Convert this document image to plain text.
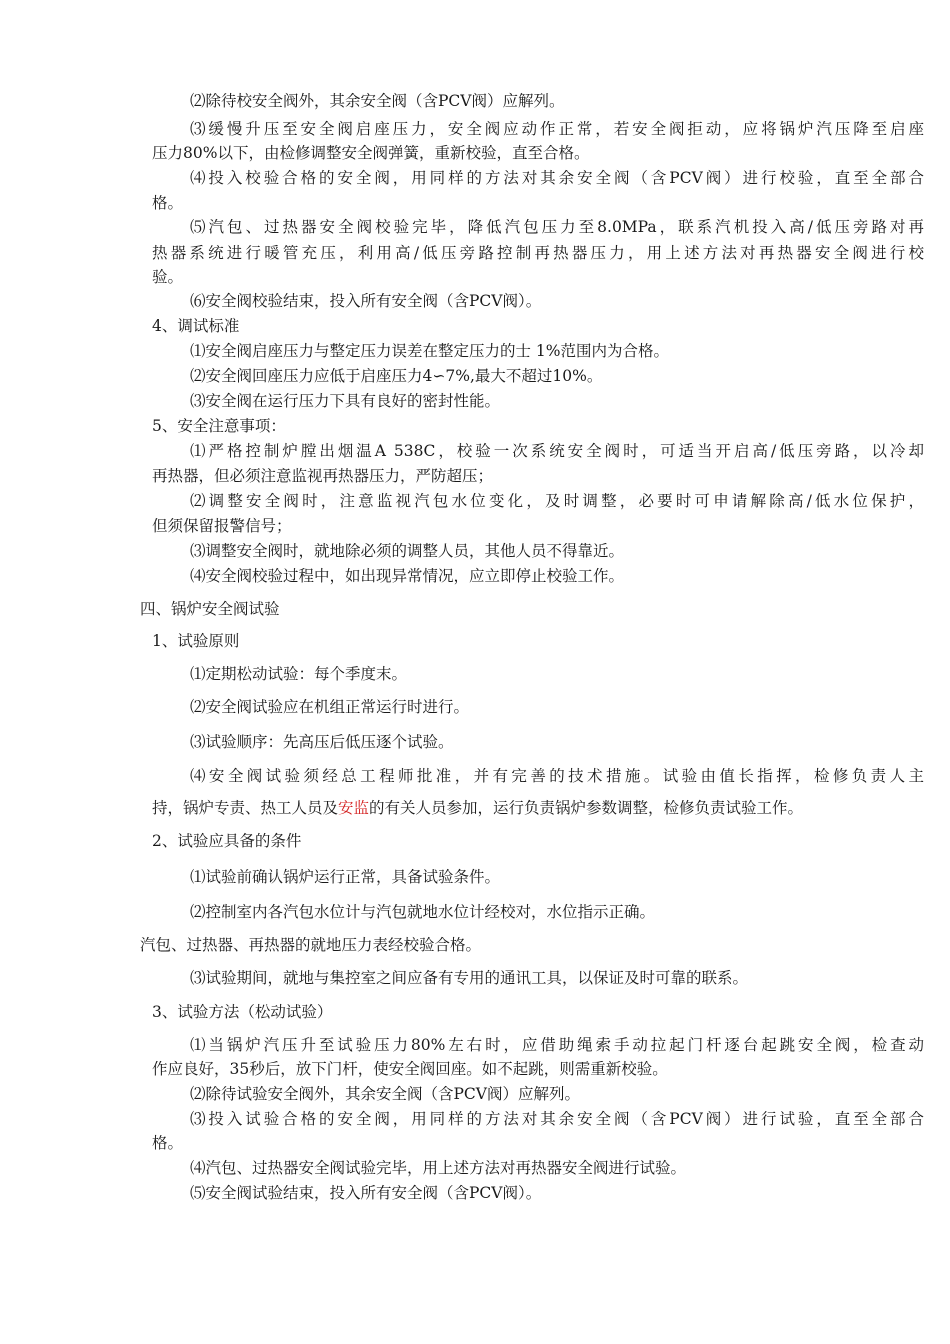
⑵除待校安全阀外，其余安全阀（含PCV阀）应解列。
⑶缓慢升压至安全阀启座压力，安全阀应动作正常，若安全阀拒动，应将锅炉汽压降至启座
压力80%以下，由检修调整安全阀弹簧，重新校验，直至合格。
⑷投入校验合格的安全阀，用同样的方法对其余安全阀（含PCV阀）进行校验，直至全部合
格。
⑸汽包、过热器安全阀校验完毕，降低汽包压力至8.0MPa，联系汽机投入高/低压旁路对再
热器系统进行暖管充压，利用高/低压旁路控制再热器压力，用上述方法对再热器安全阀进行校
验。
⑹安全阀校验结束，投入所有安全阀（含PCV阀）。
4、调试标准
⑴安全阀启座压力与整定压力误差在整定压力的士 1%范围内为合格。
⑵安全阀回座压力应低于启座压力4∽7%,最大不超过10%。
⑶安全阀在运行压力下具有良好的密封性能。
5、安全注意事项：
⑴严格控制炉膛出烟温A 538C，校验一次系统安全阀时，可适当开启高/低压旁路，以冷却
再热器，但必须注意监视再热器压力，严防超压；
⑵调整安全阀时，注意监视汽包水位变化，及时调整，必要时可申请解除高/低水位保护，
但须保留报警信号；
⑶调整安全阀时，就地除必须的调整人员，其他人员不得靠近。
⑷安全阀校验过程中，如出现异常情况，应立即停止校验工作。
四、锅炉安全阀试验
1、试验原则
⑴定期松动试验：每个季度末。
⑵安全阀试验应在机组正常运行时进行。
⑶试验顺序：先高压后低压逐个试验。
⑷安全阀试验须经总工程师批准，并有完善的技术措施。试验由值长指挥，检修负责人主
持，锅炉专责、热工人员及安监的有关人员参加，运行负责锅炉参数调整，检修负责试验工作。
2、试验应具备的条件
⑴试验前确认锅炉运行正常，具备试验条件。
⑵控制室内各汽包水位计与汽包就地水位计经校对，水位指示正确。
汽包、过热器、再热器的就地压力表经校验合格。
⑶试验期间，就地与集控室之间应备有专用的通讯工具，以保证及时可靠的联系。
3、试验方法（松动试验）
⑴当锅炉汽压升至试验压力80%左右时，应借助绳索手动拉起门杆逐台起跳安全阀，检查动
作应良好，35秒后，放下门杆，使安全阀回座。如不起跳，则需重新校验。
⑵除待试验安全阀外，其余安全阀（含PCV阀）应解列。
⑶投入试验合格的安全阀，用同样的方法对其余安全阀（含PCV阀）进行试验，直至全部合
格。
⑷汽包、过热器安全阀试验完毕，用上述方法对再热器安全阀进行试验。
⑸安全阀试验结束，投入所有安全阀（含PCV阀）。
